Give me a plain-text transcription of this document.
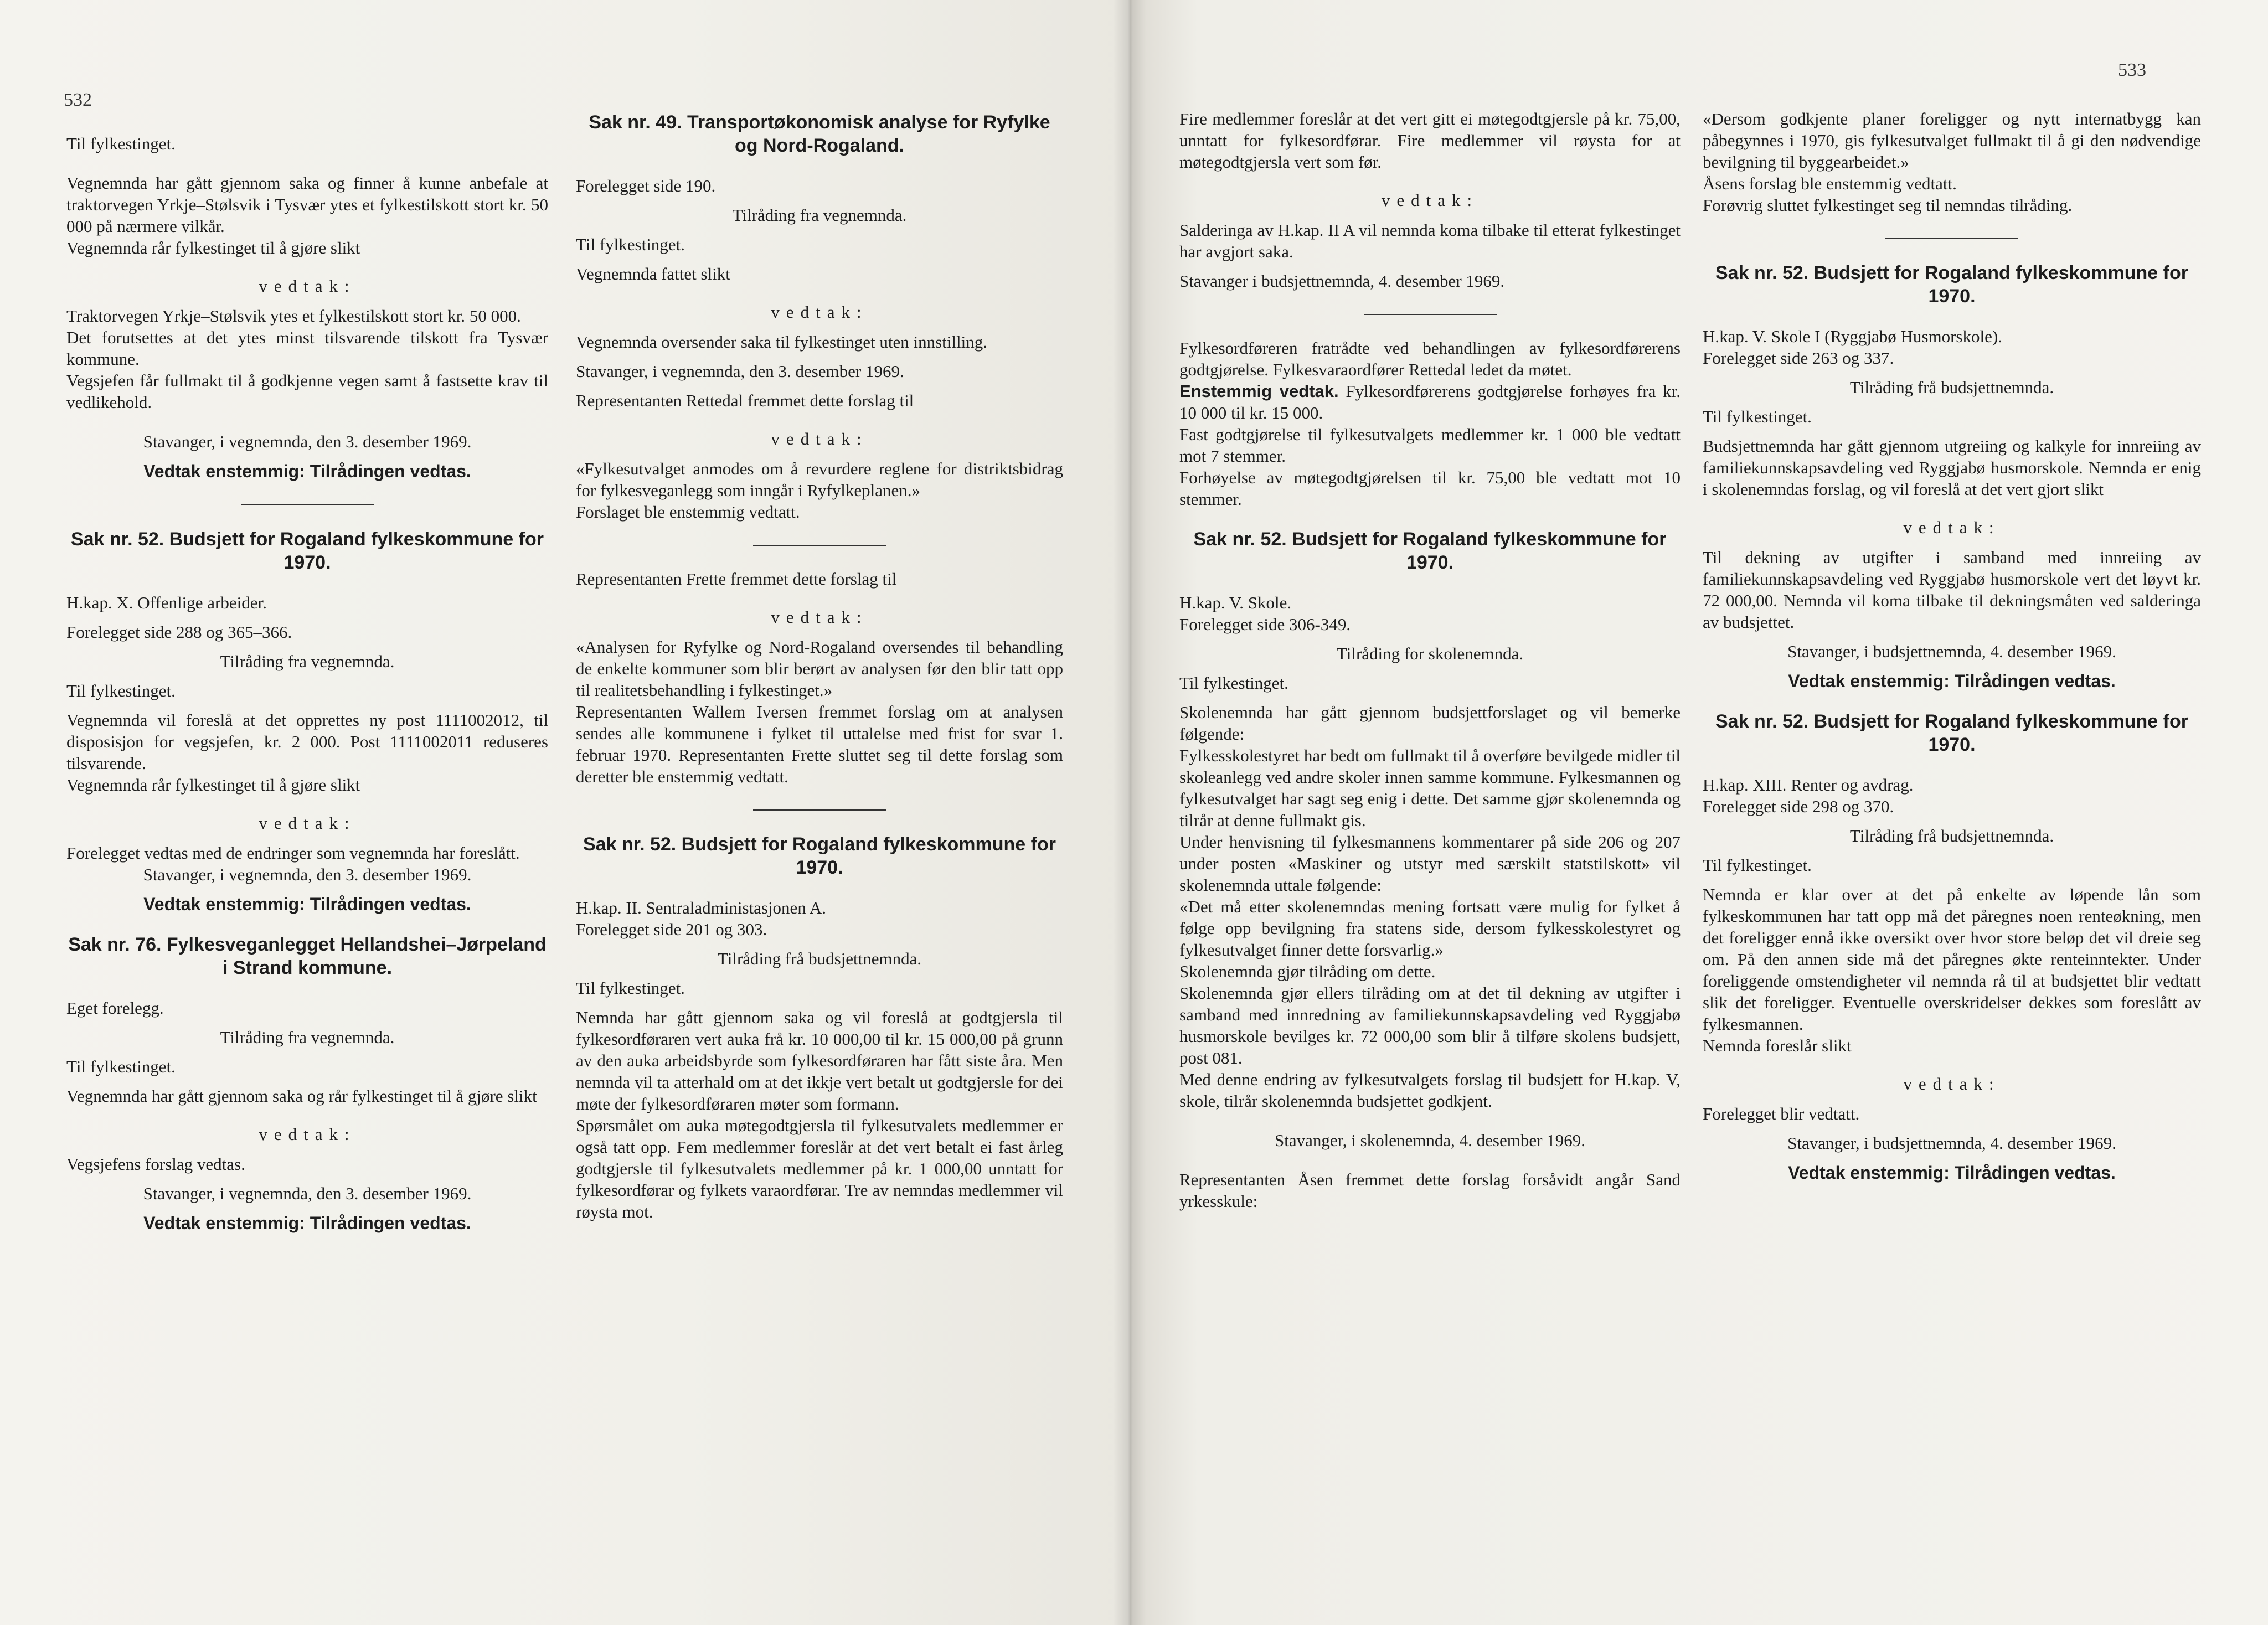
532

Til fylkestinget.

Vegnemnda har gått gjennom saka og finner å kunne anbefale at traktorvegen Yrkje–Stølsvik i Tysvær ytes et fylkestilskott stort kr. 50 000 på nærmere vilkår.

Vegnemnda rår fylkestinget til å gjøre slikt

vedtak:

Traktorvegen Yrkje–Stølsvik ytes et fylkestilskott stort kr. 50 000.

Det forutsettes at det ytes minst tilsvarende tilskott fra Tysvær kommune.

Vegsjefen får fullmakt til å godkjenne vegen samt å fastsette krav til vedlikehold.

Stavanger, i vegnemnda, den 3. desember 1969.

Vedtak enstemmig: Tilrådingen vedtas.

Sak nr. 52. Budsjett for Rogaland fylkeskommune for 1970.

H.kap. X. Offenlige arbeider.

Forelegget side 288 og 365–366.

Tilråding fra vegnemnda.

Til fylkestinget.

Vegnemnda vil foreslå at det opprettes ny post 1111002012, til disposisjon for vegsjefen, kr. 2 000. Post 1111002011 reduseres tilsvarende.

Vegnemnda rår fylkestinget til å gjøre slikt

vedtak:

Forelegget vedtas med de endringer som vegnemnda har foreslått.

Stavanger, i vegnemnda, den 3. desember 1969.

Vedtak enstemmig: Tilrådingen vedtas.

Sak nr. 76. Fylkesveganlegget Hellandshei–Jørpeland i Strand kommune.

Eget forelegg.

Tilråding fra vegnemnda.

Til fylkestinget.

Vegnemnda har gått gjennom saka og rår fylkestinget til å gjøre slikt

vedtak:

Vegsjefens forslag vedtas.

Stavanger, i vegnemnda, den 3. desember 1969.

Vedtak enstemmig: Tilrådingen vedtas.

Sak nr. 49. Transportøkonomisk analyse for Ryfylke og Nord-Rogaland.

Forelegget side 190.

Tilråding fra vegnemnda.

Til fylkestinget.

Vegnemnda fattet slikt

vedtak:

Vegnemnda oversender saka til fylkestinget uten innstilling.

Stavanger, i vegnemnda, den 3. desember 1969.

Representanten Rettedal fremmet dette forslag til

vedtak:

«Fylkesutvalget anmodes om å revurdere reglene for distriktsbidrag for fylkesveganlegg som inngår i Ryfylkeplanen.»

Forslaget ble enstemmig vedtatt.

Representanten Frette fremmet dette forslag til

vedtak:

«Analysen for Ryfylke og Nord-Rogaland oversendes til behandling de enkelte kommuner som blir berørt av analysen før den blir tatt opp til realitetsbehandling i fylkestinget.»

Representanten Wallem Iversen fremmet forslag om at analysen sendes alle kommunene i fylket til uttalelse med frist for svar 1. februar 1970. Representanten Frette sluttet seg til dette forslag som deretter ble enstemmig vedtatt.

Sak nr. 52. Budsjett for Rogaland fylkeskommune for 1970.

H.kap. II. Sentraladministasjonen A.

Forelegget side 201 og 303.

Tilråding frå budsjettnemnda.

Til fylkestinget.

Nemnda har gått gjennom saka og vil foreslå at godtgjersla til fylkesordføraren vert auka frå kr. 10 000,00 til kr. 15 000,00 på grunn av den auka arbeidsbyrde som fylkesordføraren har fått siste åra. Men nemnda vil ta atterhald om at det ikkje vert betalt ut godtgjersle for dei møte der fylkesordføraren møter som formann.

Spørsmålet om auka møtegodtgjersla til fylkesutvalets medlemmer er også tatt opp. Fem medlemmer foreslår at det vert betalt ei fast årleg godtgjersle til fylkesutvalets medlemmer på kr. 1 000,00 unntatt for fylkesordførar og fylkets varaordførar. Tre av nemndas medlemmer vil røysta mot.

533

Fire medlemmer foreslår at det vert gitt ei møtegodtgjersle på kr. 75,00, unntatt for fylkesordførar. Fire medlemmer vil røysta for at møtegodtgjersla vert som før.

vedtak:

Salderinga av H.kap. II A vil nemnda koma tilbake til etterat fylkestinget har avgjort saka.

Stavanger i budsjettnemnda, 4. desember 1969.

Fylkesordføreren fratrådte ved behandlingen av fylkesordførerens godtgjørelse. Fylkesvaraordfører Rettedal ledet da møtet.

Enstemmig vedtak. Fylkesordførerens godtgjørelse forhøyes fra kr. 10 000 til kr. 15 000.

Fast godtgjørelse til fylkesutvalgets medlemmer kr. 1 000 ble vedtatt mot 7 stemmer.

Forhøyelse av møtegodtgjørelsen til kr. 75,00 ble vedtatt mot 10 stemmer.

Sak nr. 52. Budsjett for Rogaland fylkeskommune for 1970.

H.kap. V. Skole.

Forelegget side 306-349.

Tilråding for skolenemnda.

Til fylkestinget.

Skolenemnda har gått gjennom budsjettforslaget og vil bemerke følgende:

Fylkesskolestyret har bedt om fullmakt til å overføre bevilgede midler til skoleanlegg ved andre skoler innen samme kommune. Fylkesmannen og fylkesutvalget har sagt seg enig i dette. Det samme gjør skolenemnda og tilrår at denne fullmakt gis.

Under henvisning til fylkesmannens kommentarer på side 206 og 207 under posten «Maskiner og utstyr med særskilt statstilskott» vil skolenemnda uttale følgende:

«Det må etter skolenemndas mening fortsatt være mulig for fylket å følge opp bevilgning fra statens side, dersom fylkesskolestyret og fylkesutvalget finner dette forsvarlig.»

Skolenemnda gjør tilråding om dette.

Skolenemnda gjør ellers tilråding om at det til dekning av utgifter i samband med innredning av familiekunnskapsavdeling ved Ryggjabø husmorskole bevilges kr. 72 000,00 som blir å tilføre skolens budsjett, post 081.

Med denne endring av fylkesutvalgets forslag til budsjett for H.kap. V, skole, tilrår skolenemnda budsjettet godkjent.

Stavanger, i skolenemnda, 4. desember 1969.

Representanten Åsen fremmet dette forslag forsåvidt angår Sand yrkesskule:

«Dersom godkjente planer foreligger og nytt internatbygg kan påbegynnes i 1970, gis fylkesutvalget fullmakt til å gi den nødvendige bevilgning til byggearbeidet.»

Åsens forslag ble enstemmig vedtatt.

Forøvrig sluttet fylkestinget seg til nemndas tilråding.

Sak nr. 52. Budsjett for Rogaland fylkeskommune for 1970.

H.kap. V. Skole I (Ryggjabø Husmorskole).

Forelegget side 263 og 337.

Tilråding frå budsjettnemnda.

Til fylkestinget.

Budsjettnemnda har gått gjennom utgreiing og kalkyle for innreiing av familiekunnskapsavdeling ved Ryggjabø husmorskole. Nemnda er enig i skolenemndas forslag, og vil foreslå at det vert gjort slikt

vedtak:

Til dekning av utgifter i samband med innreiing av familiekunnskapsavdeling ved Ryggjabø husmorskole vert det løyvt kr. 72 000,00. Nemnda vil koma tilbake til dekningsmåten ved salderinga av budsjettet.

Stavanger, i budsjettnemnda, 4. desember 1969.

Vedtak enstemmig: Tilrådingen vedtas.

Sak nr. 52. Budsjett for Rogaland fylkeskommune for 1970.

H.kap. XIII. Renter og avdrag.

Forelegget side 298 og 370.

Tilråding frå budsjettnemnda.

Til fylkestinget.

Nemnda er klar over at det på enkelte av løpende lån som fylkeskommunen har tatt opp må det påregnes noen renteøkning, men det foreligger ennå ikke oversikt over hvor store beløp det vil dreie seg om. På den annen side må det påregnes økte renteinntekter. Under foreliggende omstendigheter vil nemnda rå til at budsjettet blir vedtatt slik det foreligger. Eventuelle overskridelser dekkes som foreslått av fylkesmannen.

Nemnda foreslår slikt

vedtak:

Forelegget blir vedtatt.

Stavanger, i budsjettnemnda, 4. desember 1969.

Vedtak enstemmig: Tilrådingen vedtas.
